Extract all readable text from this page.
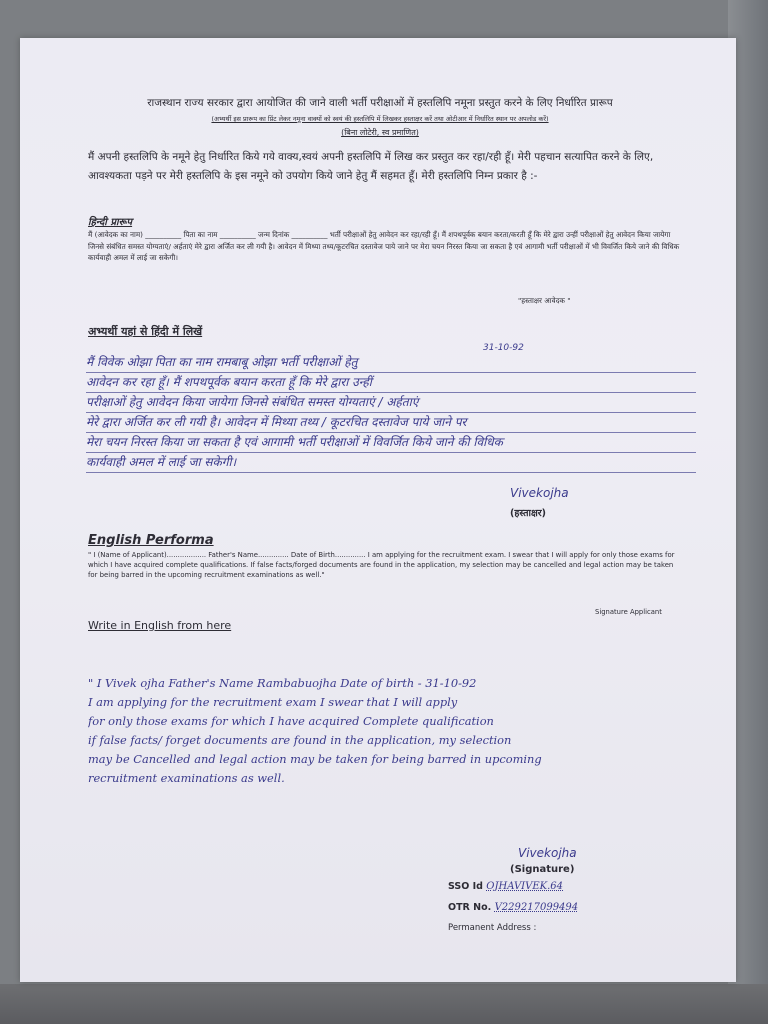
राजस्थान राज्य सरकार द्वारा आयोजित की जाने वाली भर्ती परीक्षाओं में हस्तलिपि नमूना प्रस्तुत करने के लिए निर्धारित प्रारूप
(अभ्यर्थी इस प्रारूप का प्रिंट लेकर नमूना वाक्यों को स्वयं की हस्तलिपि में लिखकर हस्ताक्षर करें तथा ओटीआर में निर्धारित स्थान पर अपलोड करें)
(बिना लोटेरी, स्व प्रमाणित)
मैं अपनी हस्तलिपि के नमूने हेतु निर्धारित किये गये वाक्य,स्वयं अपनी हस्तलिपि में लिख कर प्रस्तुत कर रहा/रही हूँ। मेरी पहचान सत्यापित करने के लिए, आवश्यकता पड़ने पर मेरी हस्तलिपि के इस नमूने को उपयोग किये जाने हेतु मैं सहमत हूँ। मेरी हस्तलिपि निम्न प्रकार है :-
हिन्दी प्रारूप
मैं (आवेदक का नाम) __________ पिता का नाम __________ जन्म दिनांक __________ भर्ती परीक्षाओं हेतु आवेदन कर रहा/रही हूँ। मैं शपथपूर्वक बयान करता/करती हूँ कि मेरे द्वारा उन्हीं परीक्षाओं हेतु आवेदन किया जायेगा जिनसे संबंधित समस्त योग्यताएं/ अर्हताएं मेरे द्वारा अर्जित कर ली गयी है। आवेदन में मिथ्या तथ्य/कूटरचित दस्तावेज पाये जाने पर मेरा चयन निरस्त किया जा सकता है एवं आगामी भर्ती परीक्षाओं में भी विवर्जित किये जाने की विधिक कार्यवाही अमल में लाई जा सकेगी।
"हस्ताक्षर आवेदक "
अभ्यर्थी यहां से हिंदी में लिखें
31-10-92
मैं विवेक ओझा पिता का नाम रामबाबू ओझा भर्ती परीक्षाओं हेतु
आवेदन कर रहा हूँ। मैं शपथपूर्वक बयान करता हूँ कि मेरे द्वारा उन्हीं
परीक्षाओं हेतु आवेदन किया जायेगा जिनसे संबंधित समस्त योग्यताएं / अर्हताएं
मेरे द्वारा अर्जित कर ली गयी है। आवेदन में मिथ्या तथ्य / कूटरचित दस्तावेज पाये जाने पर
मेरा चयन निरस्त किया जा सकता है एवं आगामी भर्ती परीक्षाओं में विवर्जित किये जाने की विधिक
कार्यवाही अमल में लाई जा सकेगी।
Vivekojha
(हस्ताक्षर)
English Performa
" I (Name of Applicant).................. Father's Name.............. Date of Birth.............. I am applying for the recruitment exam. I swear that I will apply for only those exams for which I have acquired complete qualifications. If false facts/forged documents are found in the application, my selection may be cancelled and legal action may be taken for being barred in the upcoming recruitment examinations as well."
Signature Applicant
Write in English from here
" I Vivek ojha Father's Name Rambabuojha Date of birth - 31-10-92
I am applying for the recruitment exam I swear that I will apply
for only those exams for which I have acquired Complete qualification
if false facts/ forget documents are found in the application, my selection
may be Cancelled and legal action may be taken for being barred in upcoming
recruitment examinations as well.
Vivekojha
(Signature)
SSO Id OJHAVIVEK.64
OTR No. V229217099494
Permanent Address :
